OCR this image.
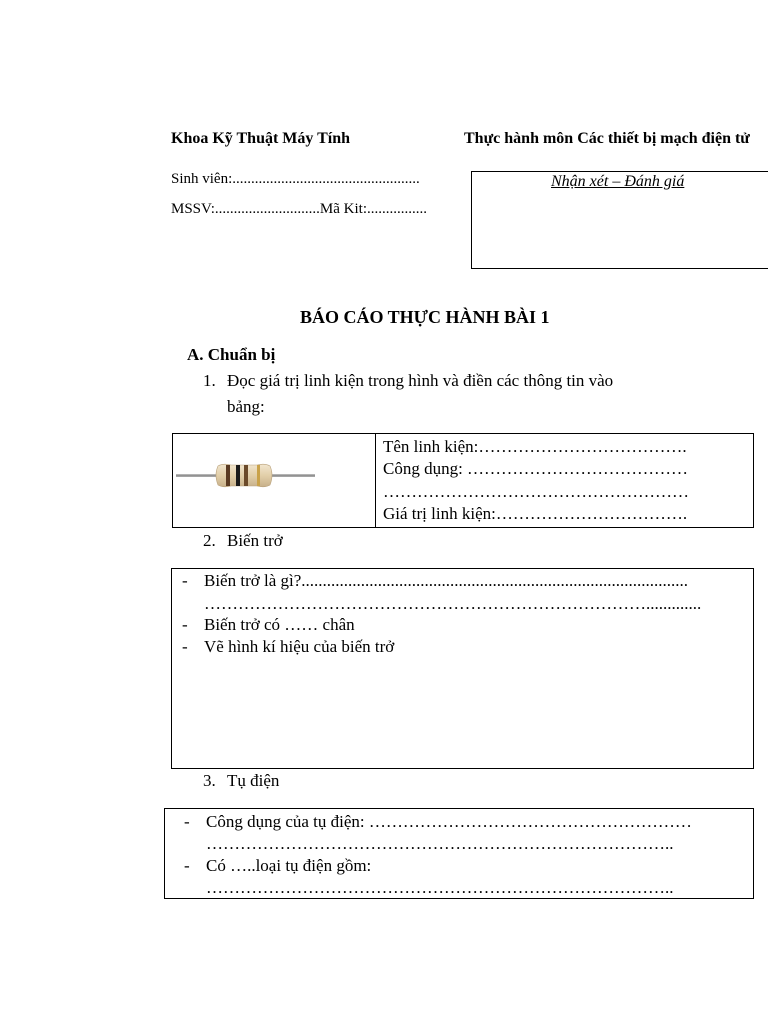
Khoa Kỹ Thuật Máy Tính	Thực hành môn Các thiết bị mạch điện tử
Sinh viên:..................................................
MSSV:............................Mã Kit:................
Nhận xét – Đánh giá
BÁO CÁO THỰC HÀNH BÀI 1
A. Chuẩn bị
1. Đọc giá trị linh kiện trong hình và điền các thông tin vào
bảng:
Tên linh kiện:……………………………….
Công dụng: …………………………………
………………………………………………
Giá trị linh kiện:…………………………….
2. Biến trở
- Biến trở là gì?...........................................................................................
…………………………………………………………………….............
- Biến trở có …… chân
- Vẽ hình kí hiệu của biến trở
3. Tụ điện
- Công dụng của tụ điện: …………………………………………………
………………………………………………………………………..
- Có …..loại tụ điện gồm:
………………………………………………………………………..
